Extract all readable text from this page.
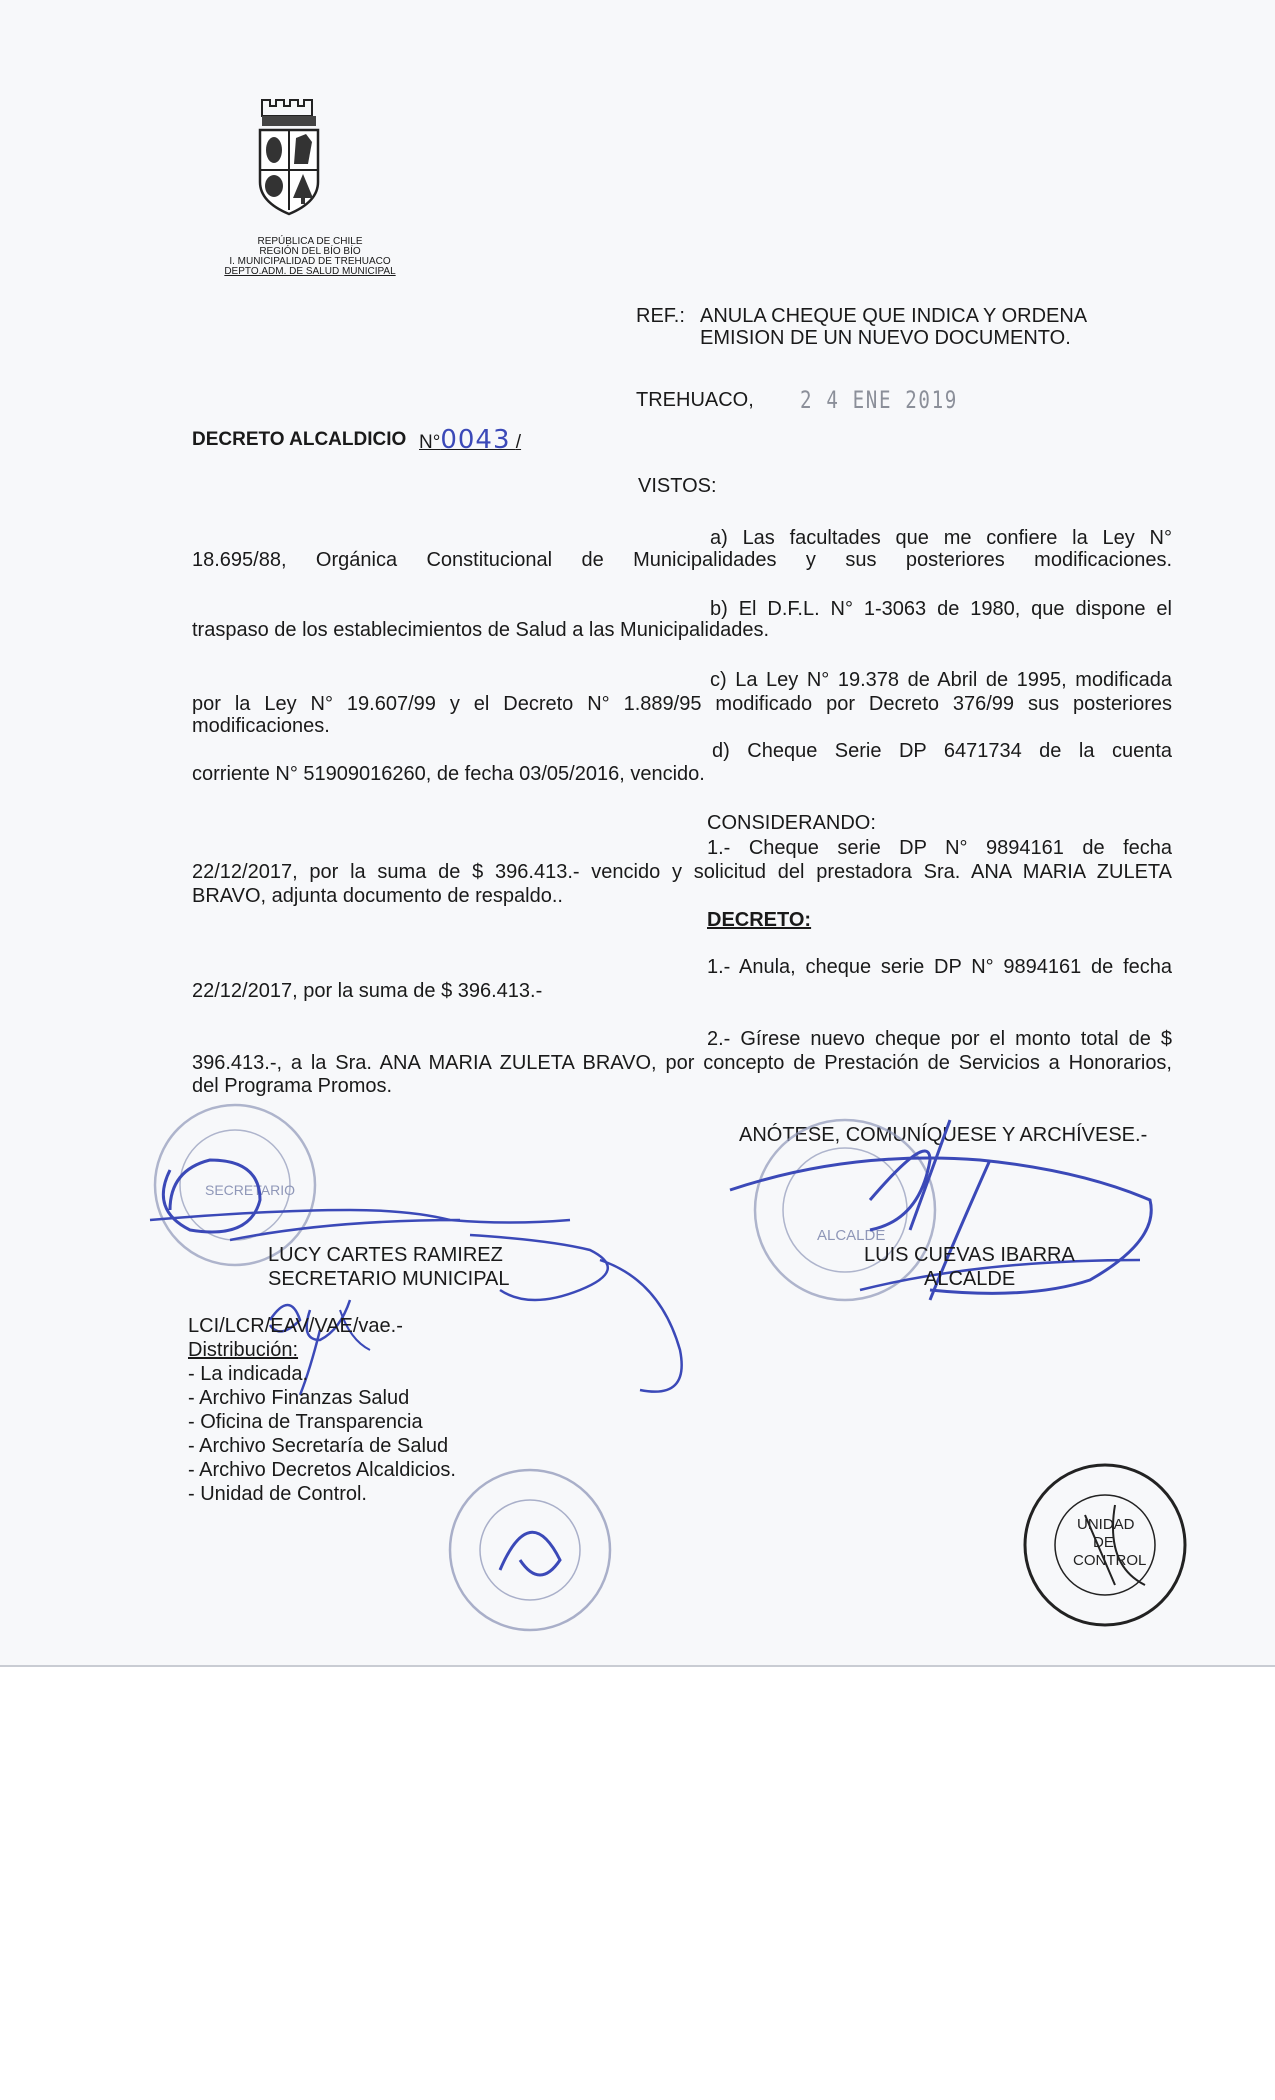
REPÚBLICA DE CHILE
REGIÓN DEL BÍO BÍO
I. MUNICIPALIDAD DE TREHUACO
DEPTO.ADM. DE SALUD MUNICIPAL
REF.: ANULA CHEQUE QUE INDICA Y ORDENA
EMISION DE UN NUEVO DOCUMENTO.
TREHUACO, 2 4 ENE 2019
DECRETO ALCALDICIO N°0043 /
VISTOS:
a) Las facultades que me confiere la Ley N°
18.695/88, Orgánica Constitucional de Municipalidades y sus posteriores modificaciones.
b) El D.F.L. N° 1-3063 de 1980, que dispone el
traspaso de los establecimientos de Salud a las Municipalidades.
c) La Ley N° 19.378 de Abril de 1995, modificada
por la Ley N° 19.607/99 y el Decreto N° 1.889/95 modificado por Decreto 376/99 sus posteriores
modificaciones.
d) Cheque Serie DP 6471734 de la cuenta
corriente N° 51909016260, de fecha 03/05/2016, vencido.
CONSIDERANDO:
1.- Cheque serie DP N° 9894161 de fecha
22/12/2017, por la suma de $ 396.413.- vencido y solicitud del prestadora Sra. ANA MARIA ZULETA
BRAVO, adjunta documento de respaldo..
DECRETO:
1.- Anula, cheque serie DP N° 9894161 de fecha
22/12/2017, por la suma de $ 396.413.-
2.- Gírese nuevo cheque por el monto total de $
396.413.-, a la Sra. ANA MARIA ZULETA BRAVO, por concepto de Prestación de Servicios a Honorarios,
del Programa Promos.
ANÓTESE, COMUNÍQUESE Y ARCHÍVESE.-
SECRETARIO
ALCALDE
UNIDAD
DE
CONTROL
LUCY CARTES RAMIREZ
SECRETARIO MUNICIPAL
LUIS CUEVAS IBARRA
ALCALDE
LCI/LCR/EAV/VAE/vae.-
Distribución:
- La indicada.
- Archivo Finanzas Salud
- Oficina de Transparencia
- Archivo Secretaría de Salud
- Archivo Decretos Alcaldicios.
- Unidad de Control.
